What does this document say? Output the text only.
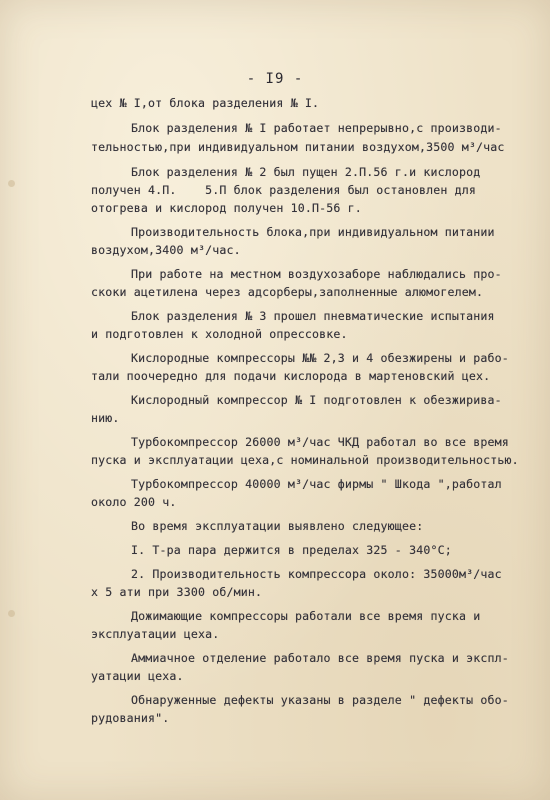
- I9 -
цех № I,от блока разделения № I.
Блок разделения № I работает непрерывно,с производи-
тельностью,при индивидуальном питании воздухом,3500 м³/час
Блок разделения № 2 был пущен 2.П.56 г.и кислород
получен 4.П.    5.П блок разделения был остановлен для
отогрева и кислород получен 10.П-56 г.
Производительность блока,при индивидуальном питании
воздухом,3400 м³/час.
При работе на местном воздухозаборе наблюдались про-
скоки ацетилена через адсорберы,заполненные алюмогелем.
Блок разделения № 3 прошел пневматические испытания
и подготовлен к холодной опрессовке.
Кислородные компрессоры №№ 2,3 и 4 обезжирены и рабо-
тали поочередно для подачи кислорода в мартеновский цех.
Кислородный компрессор № I подготовлен к обезжирива-
нию.
Турбокомпрессор 26000 м³/час ЧКД работал во все время
пуска и эксплуатации цеха,с номинальной производительностью.
Турбокомпрессор 40000 м³/час фирмы " Шкода ",работал
около 200 ч.
Во время эксплуатации выявлено следующее:
I. Т-ра пара держится в пределах 325 - 340°С;
2. Производительность компрессора около: 35000м³/час
х 5 ати при 3300 об/мин.
Дожимающие компрессоры работали все время пуска и
эксплуатации цеха.
Аммиачное отделение работало все время пуска и экспл-
уатации цеха.
Обнаруженные дефекты указаны в разделе " дефекты обо-
рудования".
